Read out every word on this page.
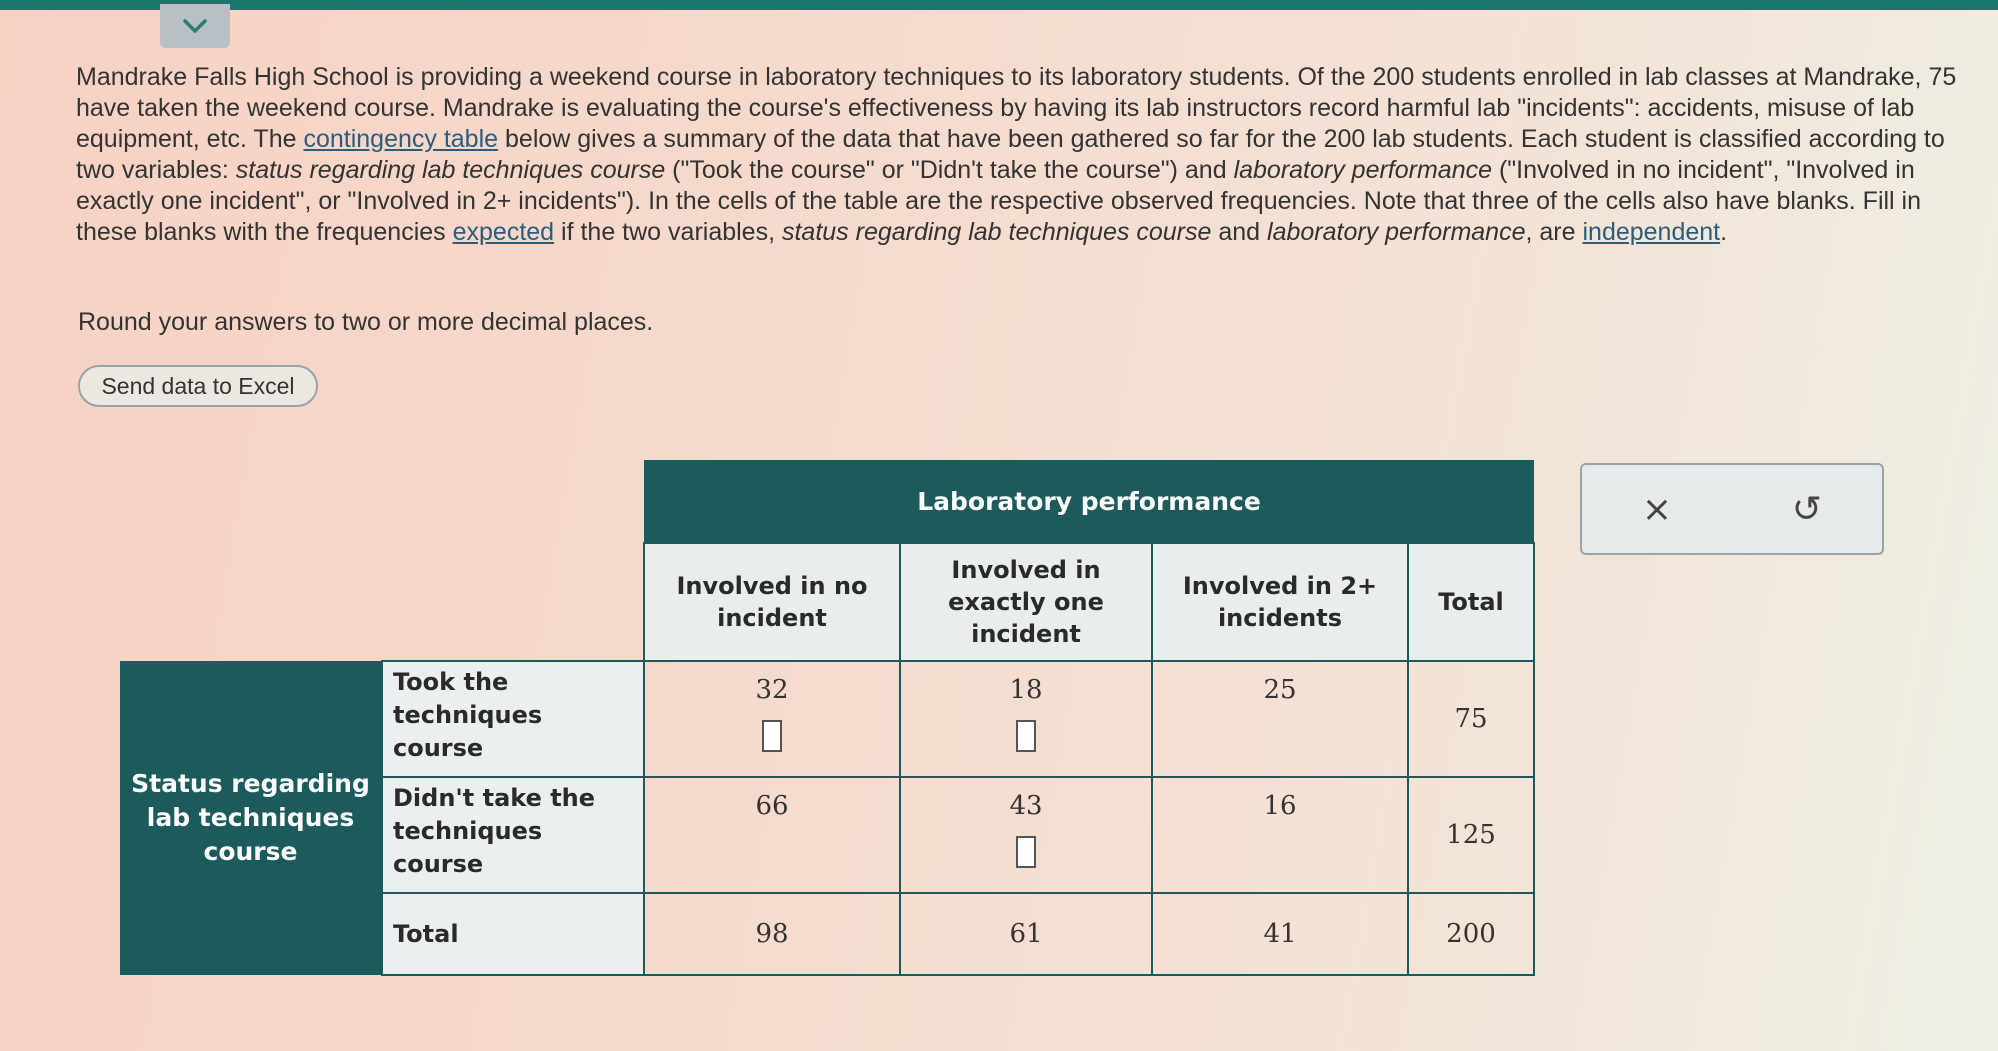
Mandrake Falls High School is providing a weekend course in laboratory techniques to its laboratory students. Of the 200 students enrolled in lab classes at Mandrake, 75 have taken the weekend course. Mandrake is evaluating the course's effectiveness by having its lab instructors record harmful lab "incidents": accidents, misuse of lab equipment, etc. The contingency table below gives a summary of the data that have been gathered so far for the 200 lab students. Each student is classified according to two variables: status regarding lab techniques course ("Took the course" or "Didn't take the course") and laboratory performance ("Involved in no incident", "Involved in exactly one incident", or "Involved in 2+ incidents"). In the cells of the table are the respective observed frequencies. Note that three of the cells also have blanks. Fill in these blanks with the frequencies expected if the two variables, status regarding lab techniques course and laboratory performance, are independent.

Round your answers to two or more decimal places.
Send data to Excel
		Laboratory performance			
		Involved in no incident	Involved in exactly one incident	Involved in 2+ incidents	Total
Status regarding lab techniques course	Took the techniques course	32	18	25	75
	Didn't take the techniques course	66	43	16	125
	Total	98	61	41	200
×	↺
